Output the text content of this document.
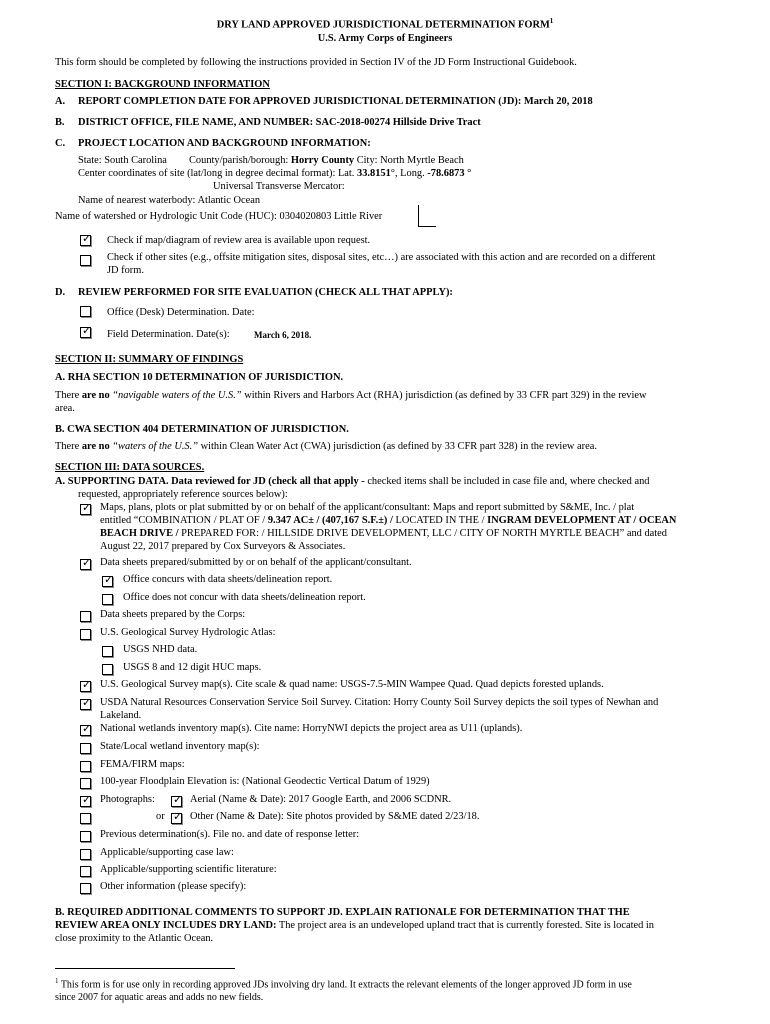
DRY LAND APPROVED JURISDICTIONAL DETERMINATION FORM$^1$
U.S. Army Corps of Engineers
This form should be completed by following the instructions provided in Section IV of the JD Form Instructional Guidebook.
SECTION I: BACKGROUND INFORMATION
A. REPORT COMPLETION DATE FOR APPROVED JURISDICTIONAL DETERMINATION (JD): March 20, 2018
B. DISTRICT OFFICE, FILE NAME, AND NUMBER: SAC-2018-00274 Hillside Drive Tract
C. PROJECT LOCATION AND BACKGROUND INFORMATION:
State: South Carolina County/parish/borough: Horry County City: North Myrtle Beach
Center coordinates of site (lat/long in degree decimal format): Lat. 33.8151°, Long. -78.6873 °
Universal Transverse Mercator:
Name of nearest waterbody: Atlantic Ocean
Name of watershed or Hydrologic Unit Code (HUC): 0304020803 Little River
✓
Check if map/diagram of review area is available upon request.
Check if other sites (e.g., offsite mitigation sites, disposal sites, etc…) are associated with this action and are recorded on a different
JD form.
D. REVIEW PERFORMED FOR SITE EVALUATION (CHECK ALL THAT APPLY):
Office (Desk) Determination. Date:
✓
Field Determination. Date(s):	March 6, 2018.
SECTION II: SUMMARY OF FINDINGS
A. RHA SECTION 10 DETERMINATION OF JURISDICTION.
There are no “navigable waters of the U.S.” within Rivers and Harbors Act (RHA) jurisdiction (as defined by 33 CFR part 329) in the review
area.
B. CWA SECTION 404 DETERMINATION OF JURISDICTION.
There are no “waters of the U.S.” within Clean Water Act (CWA) jurisdiction (as defined by 33 CFR part 328) in the review area.
SECTION III: DATA SOURCES.
A. SUPPORTING DATA. Data reviewed for JD (check all that apply - checked items shall be included in case file and, where checked and
requested, appropriately reference sources below):
✓
Maps, plans, plots or plat submitted by or on behalf of the applicant/consultant: Maps and report submitted by S&ME, Inc. / plat
entitled “COMBINATION / PLAT OF / 9.347 AC± / (407,167 S.F.±) / LOCATED IN THE / INGRAM DEVELOPMENT AT / OCEAN
BEACH DRIVE / PREPARED FOR: / HILLSIDE DRIVE DEVELOPMENT, LLC / CITY OF NORTH MYRTLE BEACH” and dated
August 22, 2017 prepared by Cox Surveyors & Associates.
✓
Data sheets prepared/submitted by or on behalf of the applicant/consultant.
✓
Office concurs with data sheets/delineation report.
Office does not concur with data sheets/delineation report.
Data sheets prepared by the Corps:
U.S. Geological Survey Hydrologic Atlas:
USGS NHD data.
USGS 8 and 12 digit HUC maps.
✓
U.S. Geological Survey map(s). Cite scale & quad name: USGS-7.5-MIN Wampee Quad. Quad depicts forested uplands.
✓
USDA Natural Resources Conservation Service Soil Survey. Citation: Horry County Soil Survey depicts the soil types of Newhan and
Lakeland.
✓
National wetlands inventory map(s). Cite name: HorryNWI depicts the project area as U11 (uplands).
State/Local wetland inventory map(s):
FEMA/FIRM maps:
100-year Floodplain Elevation is: (National Geodectic Vertical Datum of 1929)
✓
Photographs: ✓	Aerial (Name & Date): 2017 Google Earth, and 2006 SCDNR.
or ✓ Other (Name & Date): Site photos provided by S&ME dated 2/23/18.
Previous determination(s). File no. and date of response letter:
Applicable/supporting case law:
Applicable/supporting scientific literature:
Other information (please specify):
B. REQUIRED ADDITIONAL COMMENTS TO SUPPORT JD. EXPLAIN RATIONALE FOR DETERMINATION THAT THE
REVIEW AREA ONLY INCLUDES DRY LAND: The project area is an undeveloped upland tract that is currently forested. Site is located in
close proximity to the Atlantic Ocean.
$^1$ This form is for use only in recording approved JDs involving dry land. It extracts the relevant elements of the longer approved JD form in use
since 2007 for aquatic areas and adds no new fields.
